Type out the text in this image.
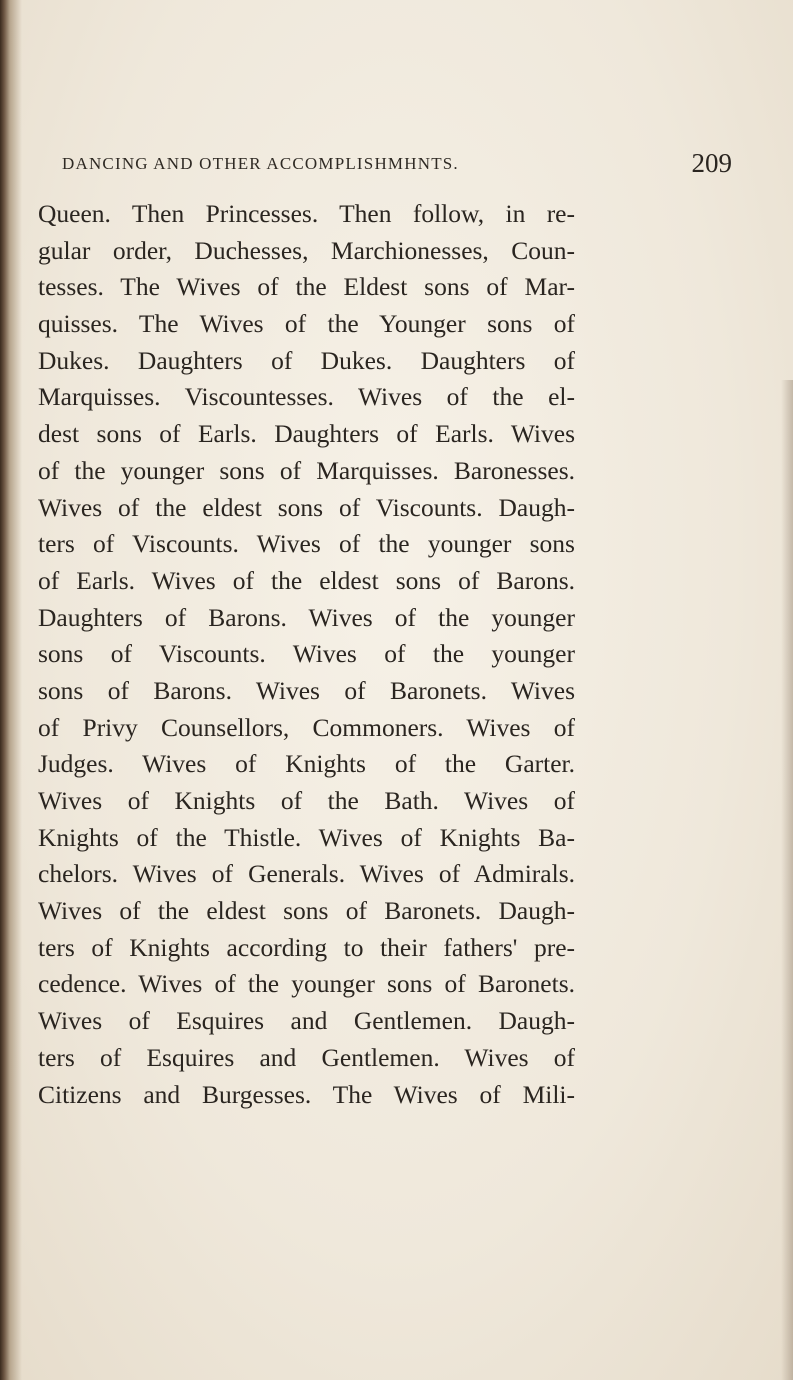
DANCING AND OTHER ACCOMPLISHMHNTS.	209
Queen. Then Princesses. Then follow, in re-
gular order, Duchesses, Marchionesses, Coun-
tesses. The Wives of the Eldest sons of Mar-
quisses. The Wives of the Younger sons of
Dukes. Daughters of Dukes. Daughters of
Marquisses. Viscountesses. Wives of the el-
dest sons of Earls. Daughters of Earls. Wives
of the younger sons of Marquisses. Baronesses.
Wives of the eldest sons of Viscounts. Daugh-
ters of Viscounts. Wives of the younger sons
of Earls. Wives of the eldest sons of Barons.
Daughters of Barons. Wives of the younger
sons of Viscounts. Wives of the younger
sons of Barons. Wives of Baronets. Wives
of Privy Counsellors, Commoners. Wives of
Judges. Wives of Knights of the Garter.
Wives of Knights of the Bath. Wives of
Knights of the Thistle. Wives of Knights Ba-
chelors. Wives of Generals. Wives of Admirals.
Wives of the eldest sons of Baronets. Daugh-
ters of Knights according to their fathers' pre-
cedence. Wives of the younger sons of Baronets.
Wives of Esquires and Gentlemen. Daugh-
ters of Esquires and Gentlemen. Wives of
Citizens and Burgesses. The Wives of Mili-
